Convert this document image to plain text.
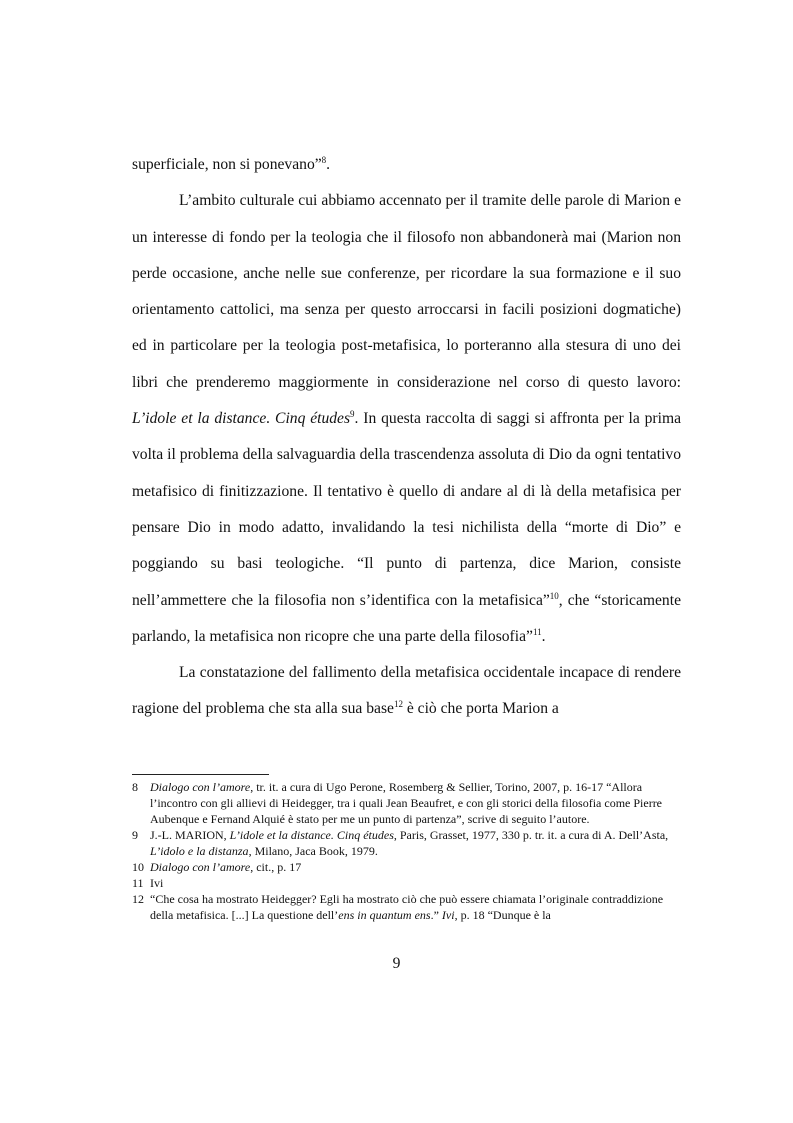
superficiale, non si ponevano”$^8$.

L’ambito culturale cui abbiamo accennato per il tramite delle parole di Marion e un interesse di fondo per la teologia che il filosofo non abbandonerà mai (Marion non perde occasione, anche nelle sue conferenze, per ricordare la sua formazione e il suo orientamento cattolici, ma senza per questo arroccarsi in facili posizioni dogmatiche) ed in particolare per la teologia post-metafisica, lo porteranno alla stesura di uno dei libri che prenderemo maggiormente in considerazione nel corso di questo lavoro: L’idole et la distance. Cinq études$^9$. In questa raccolta di saggi si affronta per la prima volta il problema della salvaguardia della trascendenza assoluta di Dio da ogni tentativo metafisico di finitizzazione. Il tentativo è quello di andare al di là della metafisica per pensare Dio in modo adatto, invalidando la tesi nichilista della “morte di Dio” e poggiando su basi teologiche. “Il punto di partenza, dice Marion, consiste nell’ammettere che la filosofia non s’identifica con la metafisica”$^{10}$, che “storicamente parlando, la metafisica non ricopre che una parte della filosofia”$^{11}$.

La constatazione del fallimento della metafisica occidentale incapace di rendere ragione del problema che sta alla sua base$^{12}$ è ciò che porta Marion a

8 Dialogo con l’amore, tr. it. a cura di Ugo Perone, Rosemberg & Sellier, Torino, 2007, p. 16-17 “Allora l’incontro con gli allievi di Heidegger, tra i quali Jean Beaufret, e con gli storici della filosofia come Pierre Aubenque e Fernand Alquié è stato per me un punto di partenza”, scrive di seguito l’autore.
9 J.-L. MARION, L’idole et la distance. Cinq études, Paris, Grasset, 1977, 330 p. tr. it. a cura di A. Dell’Asta, L’idolo e la distanza, Milano, Jaca Book, 1979.
10 Dialogo con l’amore, cit., p. 17
11 Ivi
12 “Che cosa ha mostrato Heidegger? Egli ha mostrato ciò che può essere chiamata l’originale contraddizione della metafisica. [...] La questione dell’ens in quantum ens.” Ivi, p. 18 “Dunque è la
9
